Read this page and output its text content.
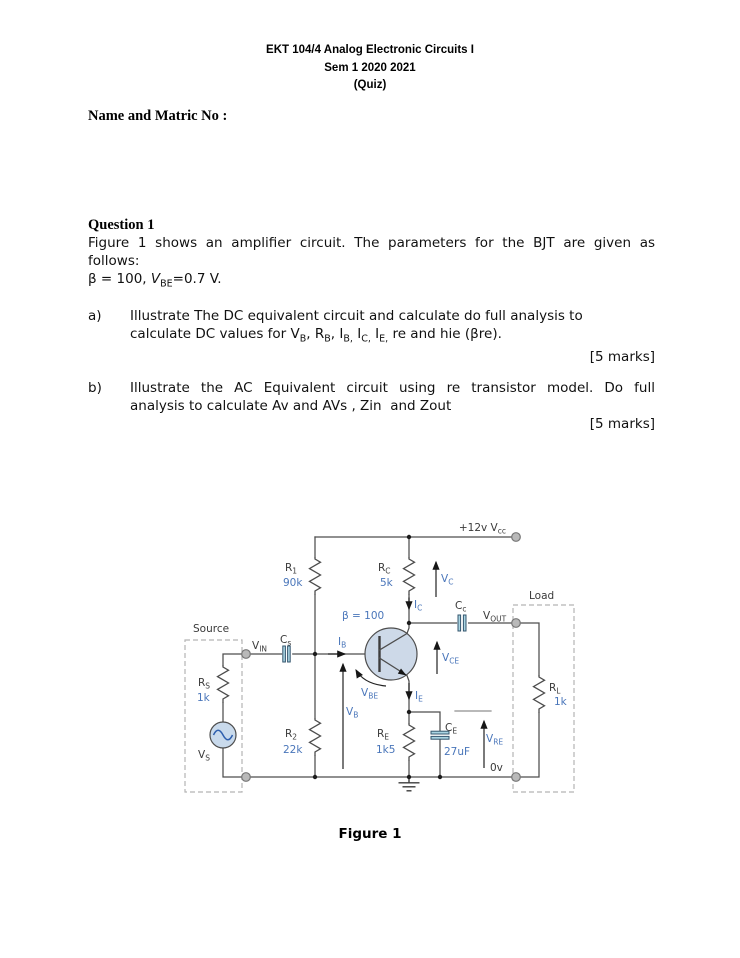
EKT 104/4 Analog Electronic Circuits I
Sem 1 2020 2021
(Quiz)
Name and Matric No :
Question 1
Figure 1 shows an amplifier circuit. The parameters for the BJT are given as
follows:
β = 100, $V_{BE}=0.7$ V.
a)	Illustrate The DC equivalent circuit and calculate do full analysis to
calculate DC values for $V_B$, $R_B$, $I_{B,}$ $I_{C,}$ $I_{E,}$ re and hie (βre).
[5 marks]
b)	Illustrate the AC Equivalent circuit using re transistor model. Do full
analysis to calculate Av and AVs , Zin  and Zout
[5 marks]
+12v $V_{cc}$
Source
Load
$V_{IN}$
$V_{OUT}$
$C_s$
$C_c$
$C_E$
$V_S$
$R_1$	$R_C$
$R_2$	$R_E$
$R_S$	$R_L$
0v
β = 100
90k	5k
22k	1k5
1k	1k
27uF
$V_C$
$I_C$
$I_B$
$V_{CE}$
$V_{BE}$
$V_B$
$I_E$
$V_{RE}$
Figure 1
